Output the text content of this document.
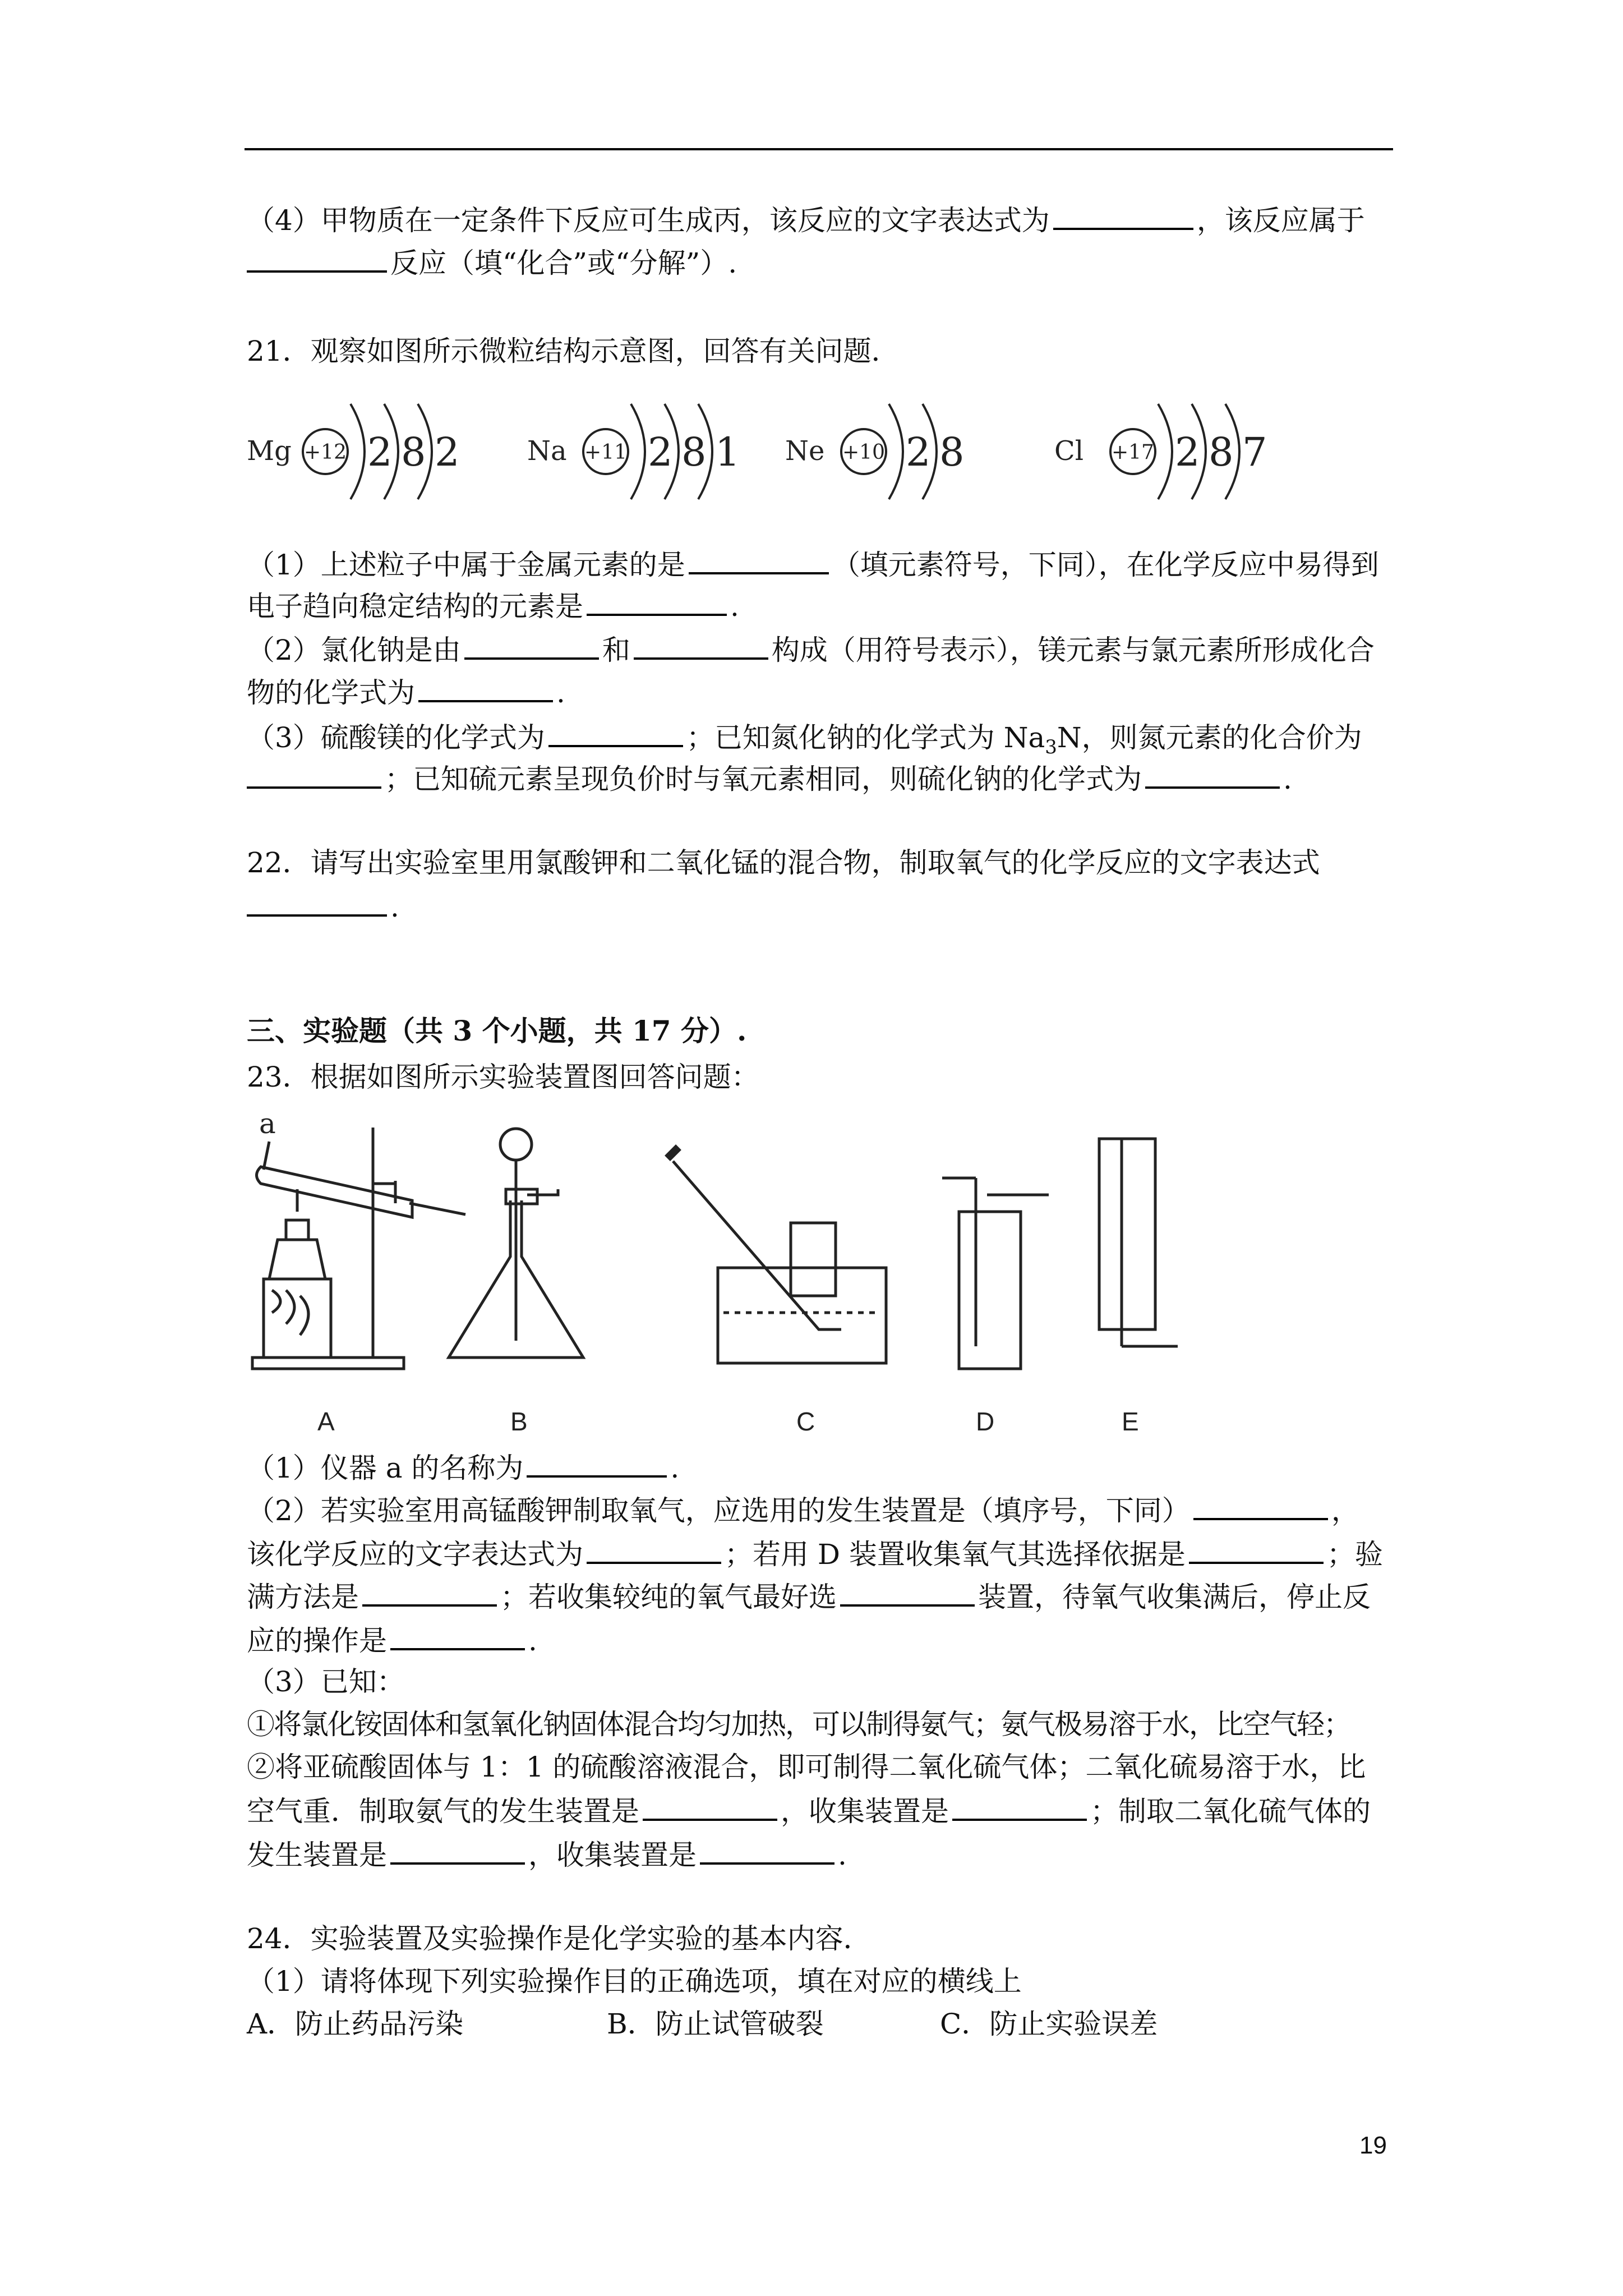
（4）甲物质在一定条件下反应可生成丙，该反应的文字表达式为	，该反应属于
反应（填“化合”或“分解”）.
21．观察如图所示微粒结构示意图，回答有关问题．
Mg +12 2 8 2	Na +11 2 8 1 Ne +10 2 8	Cl +17 2 8 7
（1）上述粒子中属于金属元素的是	（填元素符号，下同），在化学反应中易得到
电子趋向稳定结构的元素是	.
（2）氯化钠是由	和	构成（用符号表示），镁元素与氯元素所形成化合
物的化学式为	.
（3）硫酸镁的化学式为	；已知氮化钠的化学式为 $Na_3N$，则氮元素的化合价为
；已知硫元素呈现负价时与氧元素相同，则硫化钠的化学式为	.
22．请写出实验室里用氯酸钾和二氧化锰的混合物，制取氧气的化学反应的文字表达式
.
三、实验题（共 3 个小题，共 17 分）.
23．根据如图所示实验装置图回答问题：
a
A	B	C	D	E
（1）仪器 a 的名称为	.
（2）若实验室用高锰酸钾制取氧气，应选用的发生装置是（填序号，下同）	，
该化学反应的文字表达式为	；若用 D 装置收集氧气其选择依据是	；验
满方法是	；若收集较纯的氧气最好选	装置，待氧气收集满后，停止反
应的操作是	.
（3）已知：
①将氯化铵固体和氢氧化钠固体混合均匀加热，可以制得氨气；氨气极易溶于水，比空气轻；
②将亚硫酸固体与 1：1 的硫酸溶液混合，即可制得二氧化硫气体；二氧化硫易溶于水，比
空气重．制取氨气的发生装置是	，收集装置是	；制取二氧化硫气体的
发生装置是	，收集装置是	.
24．实验装置及实验操作是化学实验的基本内容．
（1）请将体现下列实验操作目的正确选项，填在对应的横线上
A．防止药品污染	B．防止试管破裂	C．防止实验误差
19
